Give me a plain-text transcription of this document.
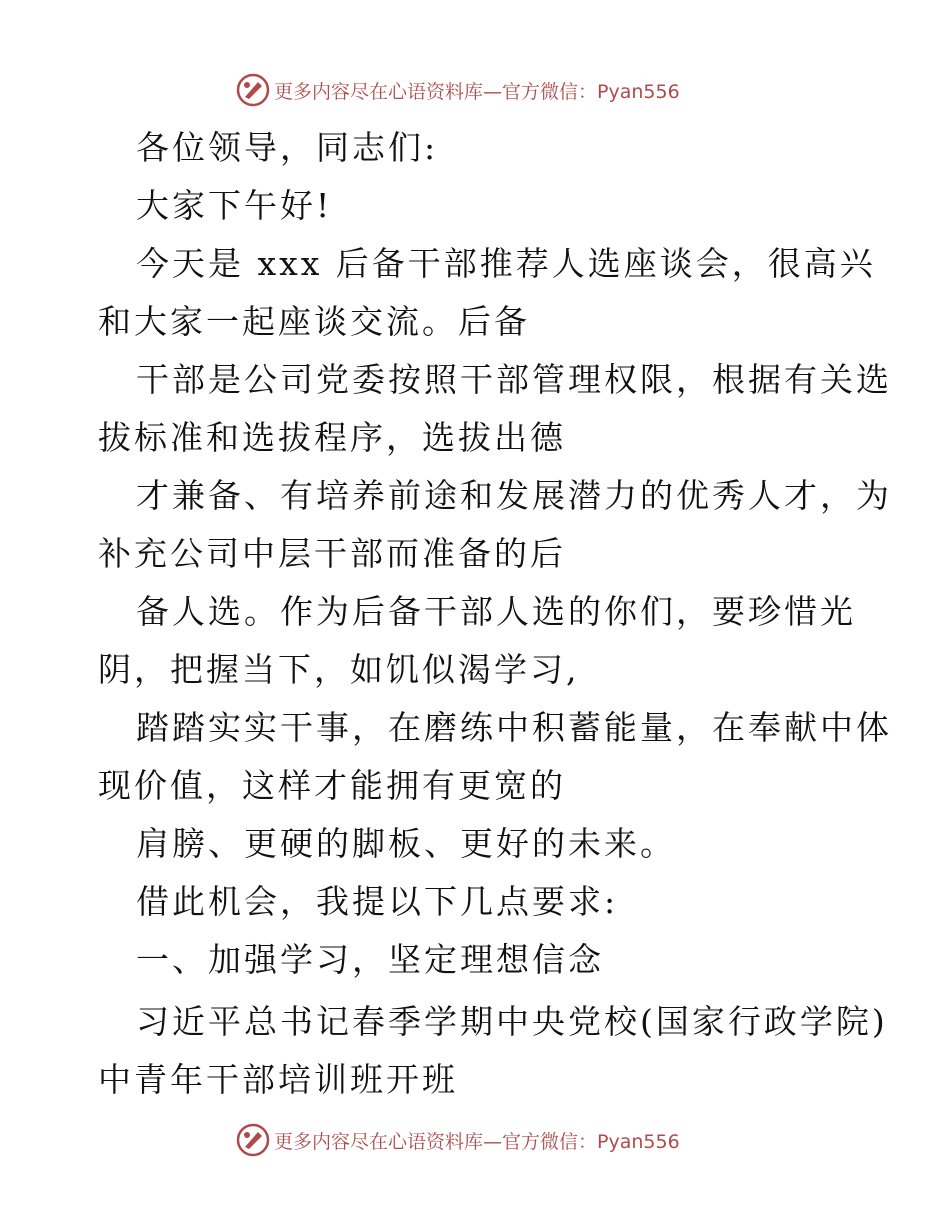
更多内容尽在心语资料库—官方微信：Pyan556
各位领导，同志们:
大家下午好!
今天是 xxx 后备干部推荐人选座谈会，很高兴
和大家一起座谈交流。后备
干部是公司党委按照干部管理权限，根据有关选
拔标准和选拔程序，选拔出德
才兼备、有培养前途和发展潜力的优秀人才，为
补充公司中层干部而准备的后
备人选。作为后备干部人选的你们，要珍惜光
阴，把握当下，如饥似渴学习,
踏踏实实干事，在磨练中积蓄能量，在奉献中体
现价值，这样才能拥有更宽的
肩膀、更硬的脚板、更好的未来。
借此机会，我提以下几点要求:
一、加强学习，坚定理想信念
习近平总书记春季学期中央党校(国家行政学院)
中青年干部培训班开班
更多内容尽在心语资料库—官方微信：Pyan556
